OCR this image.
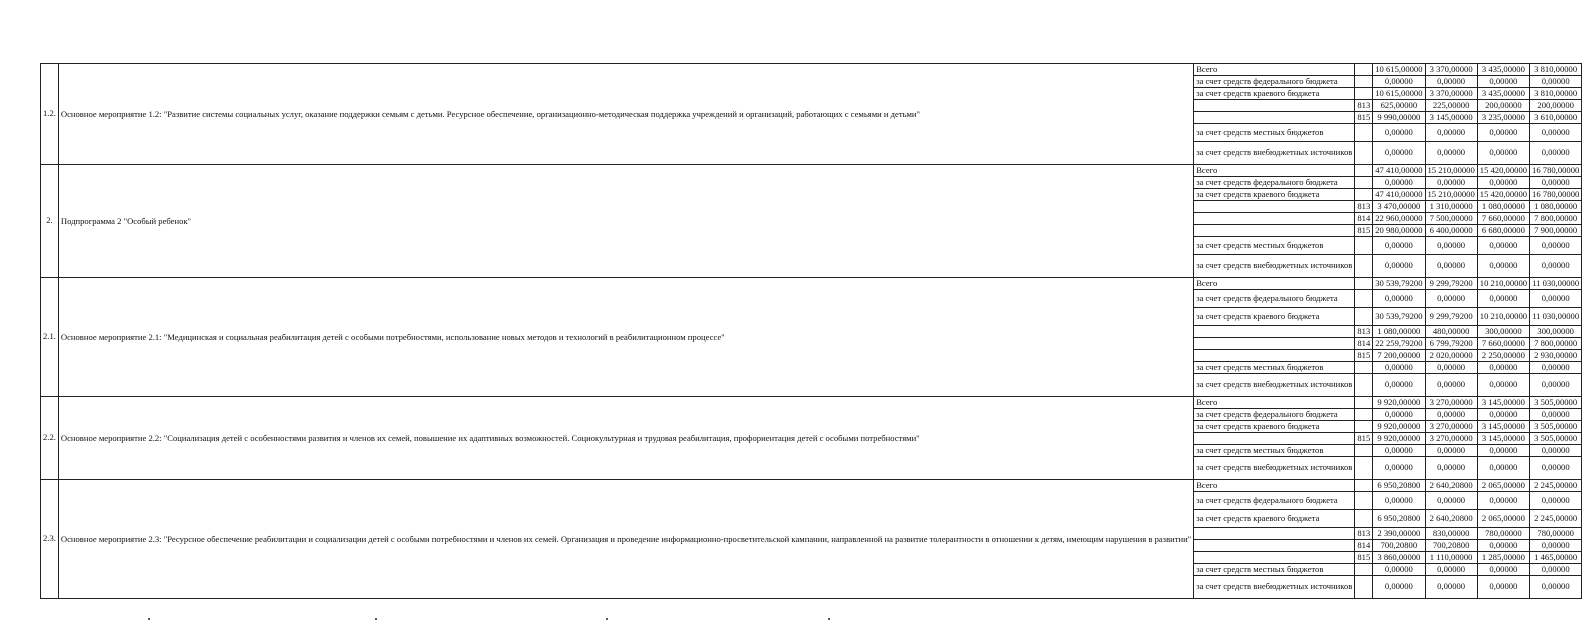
1.2.	Основное мероприятие 1.2: "Развитие системы социальных услуг, оказание поддержки семьям с детьми. Ресурсное обеспечение, организационно-методическая поддержка учреждений и организаций, работающих с семьями и детьми"	Всего		10 615,00000	3 370,00000	3 435,00000	3 810,00000
		за счет средств федерального бюджета		0,00000	0,00000	0,00000	0,00000
		за счет средств краевого бюджета		10 615,00000	3 370,00000	3 435,00000	3 810,00000
			813	625,00000	225,00000	200,00000	200,00000
			815	9 990,00000	3 145,00000	3 235,00000	3 610,00000
		за счет средств местных бюджетов		0,00000	0,00000	0,00000	0,00000
		за счет средств внебюджетных источников		0,00000	0,00000	0,00000	0,00000
2.	Подпрограмма 2 "Особый ребенок"	Всего		47 410,00000	15 210,00000	15 420,00000	16 780,00000
		за счет средств федерального бюджета		0,00000	0,00000	0,00000	0,00000
		за счет средств краевого бюджета		47 410,00000	15 210,00000	15 420,00000	16 780,00000
			813	3 470,00000	1 310,00000	1 080,00000	1 080,00000
			814	22 960,00000	7 500,00000	7 660,00000	7 800,00000
			815	20 980,00000	6 400,00000	6 680,00000	7 900,00000
		за счет средств местных бюджетов		0,00000	0,00000	0,00000	0,00000
		за счет средств внебюджетных источников		0,00000	0,00000	0,00000	0,00000
2.1.	Основное мероприятие 2.1: "Медицинская и социальная реабилитация детей с особыми потребностями, использование новых методов и технологий в реабилитационном процессе"	Всего		30 539,79200	9 299,79200	10 210,00000	11 030,00000
		за счет средств федерального бюджета		0,00000	0,00000	0,00000	0,00000
		за счет средств краевого бюджета		30 539,79200	9 299,79200	10 210,00000	11 030,00000
			813	1 080,00000	480,00000	300,00000	300,00000
			814	22 259,79200	6 799,79200	7 660,00000	7 800,00000
			815	7 200,00000	2 020,00000	2 250,00000	2 930,00000
		за счет средств местных бюджетов		0,00000	0,00000	0,00000	0,00000
		за счет средств внебюджетных источников		0,00000	0,00000	0,00000	0,00000
2.2.	Основное мероприятие 2.2: "Социализация детей с особенностями развития и членов их семей, повышение их адаптивных возможностей. Социокультурная и трудовая реабилитация, профориентация детей с особыми потребностями"	Всего		9 920,00000	3 270,00000	3 145,00000	3 505,00000
		за счет средств федерального бюджета		0,00000	0,00000	0,00000	0,00000
		за счет средств краевого бюджета		9 920,00000	3 270,00000	3 145,00000	3 505,00000
			815	9 920,00000	3 270,00000	3 145,00000	3 505,00000
		за счет средств местных бюджетов		0,00000	0,00000	0,00000	0,00000
		за счет средств внебюджетных источников		0,00000	0,00000	0,00000	0,00000
2.3.	Основное мероприятие 2.3: "Ресурсное обеспечение реабилитации и социализации детей с особыми потребностями и членов их семей. Организация и проведение информационно-просветительской кампании, направленной на развитие толерантности в отношении к детям, имеющим нарушения в развитии"	Всего		6 950,20800	2 640,20800	2 065,00000	2 245,00000
		за счет средств федерального бюджета		0,00000	0,00000	0,00000	0,00000
		за счет средств краевого бюджета		6 950,20800	2 640,20800	2 065,00000	2 245,00000
			813	2 390,00000	830,00000	780,00000	780,00000
			814	700,20800	700,20800	0,00000	0,00000
			815	3 860,00000	1 110,00000	1 285,00000	1 465,00000
		за счет средств местных бюджетов		0,00000	0,00000	0,00000	0,00000
		за счет средств внебюджетных источников		0,00000	0,00000	0,00000	0,00000
